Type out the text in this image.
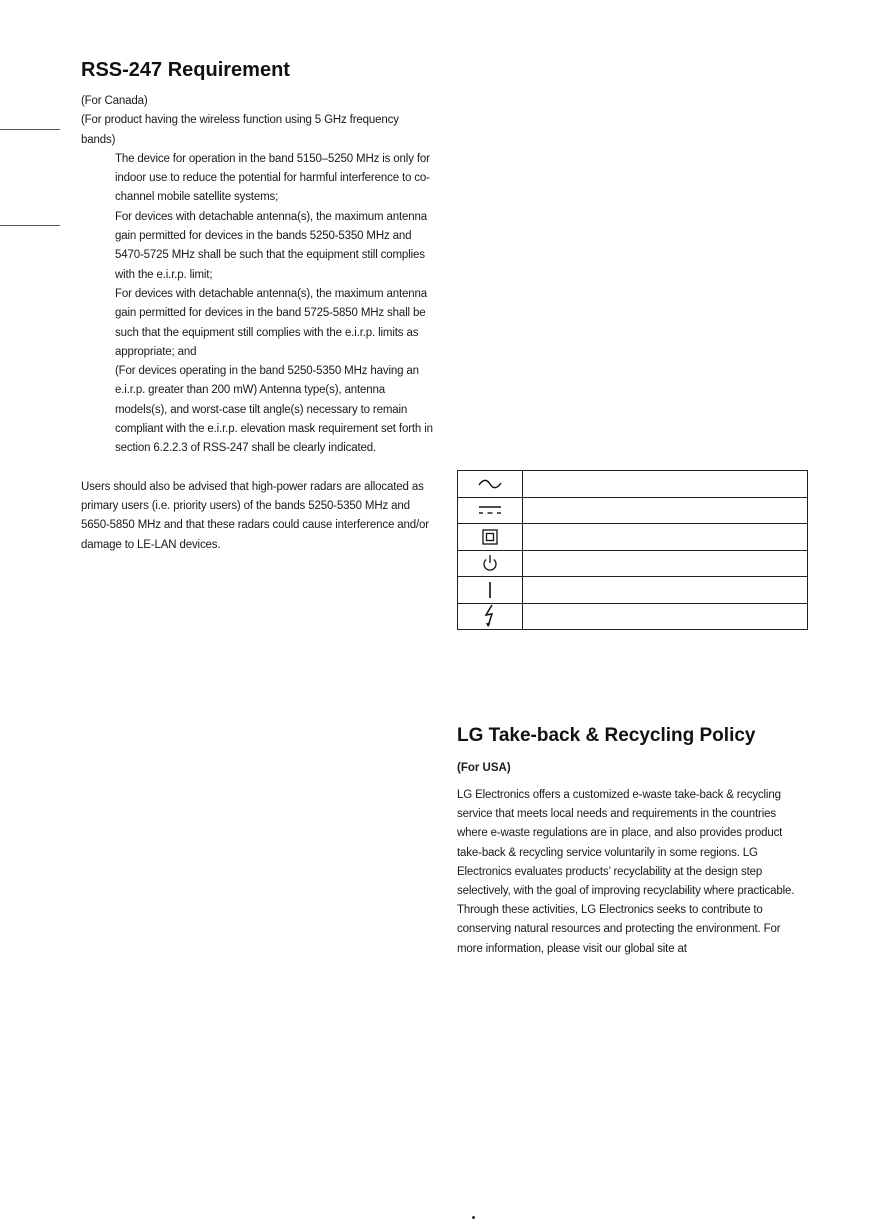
RSS-247 Requirement

(For Canada)

(For product having the wireless function using 5 GHz frequency bands)

The device for operation in the band 5150–5250 MHz is only for indoor use to reduce the potential for harmful interference to co-channel mobile satellite systems;

For devices with detachable antenna(s), the maximum antenna gain permitted for devices in the bands 5250-5350 MHz and 5470-5725 MHz shall be such that the equipment still complies with the e.i.r.p. limit;

For devices with detachable antenna(s), the maximum antenna gain permitted for devices in the band 5725-5850 MHz shall be such that the equipment still complies with the e.i.r.p. limits as appropriate; and

(For devices operating in the band 5250-5350 MHz having an e.i.r.p. greater than 200 mW) Antenna type(s), antenna models(s), and worst-case tilt angle(s) necessary to remain compliant with the e.i.r.p. elevation mask requirement set forth in section 6.2.2.3 of RSS-247 shall be clearly indicated.

Users should also be advised that high-power radars are allocated as primary users (i.e. priority users) of the bands 5250-5350 MHz and 5650-5850 MHz and that these radars could cause interference and/or damage to LE-LAN devices.

LG Take-back & Recycling Policy

(For USA)

LG Electronics offers a customized e-waste take-back & recycling service that meets local needs and requirements in the countries where e-waste regulations are in place, and also provides product take-back & recycling service voluntarily in some regions. LG Electronics evaluates products’ recyclability at the design step selectively, with the goal of improving recyclability where practicable. Through these activities, LG Electronics seeks to contribute to conserving natural resources and protecting the environment. For more information, please visit our global site at
